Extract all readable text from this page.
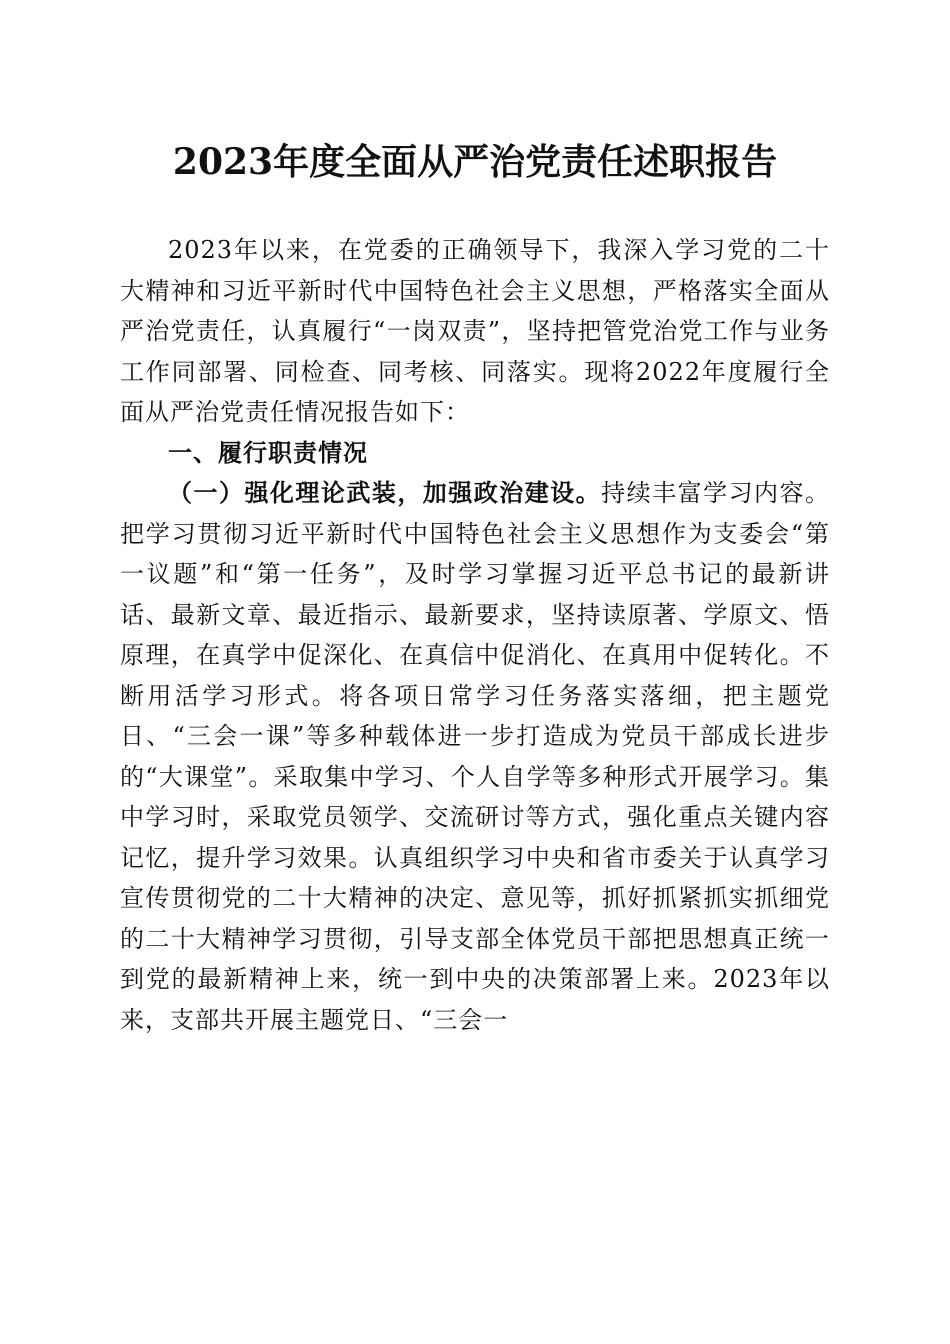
2023年度全面从严治党责任述职报告

2023年以来，在党委的正确领导下，我深入学习党的二十大精神和习近平新时代中国特色社会主义思想，严格落实全面从严治党责任，认真履行“一岗双责”，坚持把管党治党工作与业务工作同部署、同检查、同考核、同落实。现将2022年度履行全面从严治党责任情况报告如下：

一、履行职责情况

（一）强化理论武装，加强政治建设。持续丰富学习内容。把学习贯彻习近平新时代中国特色社会主义思想作为支委会“第一议题”和“第一任务”，及时学习掌握习近平总书记的最新讲话、最新文章、最近指示、最新要求，坚持读原著、学原文、悟原理，在真学中促深化、在真信中促消化、在真用中促转化。不断用活学习形式。将各项日常学习任务落实落细，把主题党日、“三会一课”等多种载体进一步打造成为党员干部成长进步的“大课堂”。采取集中学习、个人自学等多种形式开展学习。集中学习时，采取党员领学、交流研讨等方式，强化重点关键内容记忆，提升学习效果。认真组织学习中央和省市委关于认真学习宣传贯彻党的二十大精神的决定、意见等，抓好抓紧抓实抓细党的二十大精神学习贯彻，引导支部全体党员干部把思想真正统一到党的最新精神上来，统一到中央的决策部署上来。2023年以来，支部共开展主题党日、“三会一
